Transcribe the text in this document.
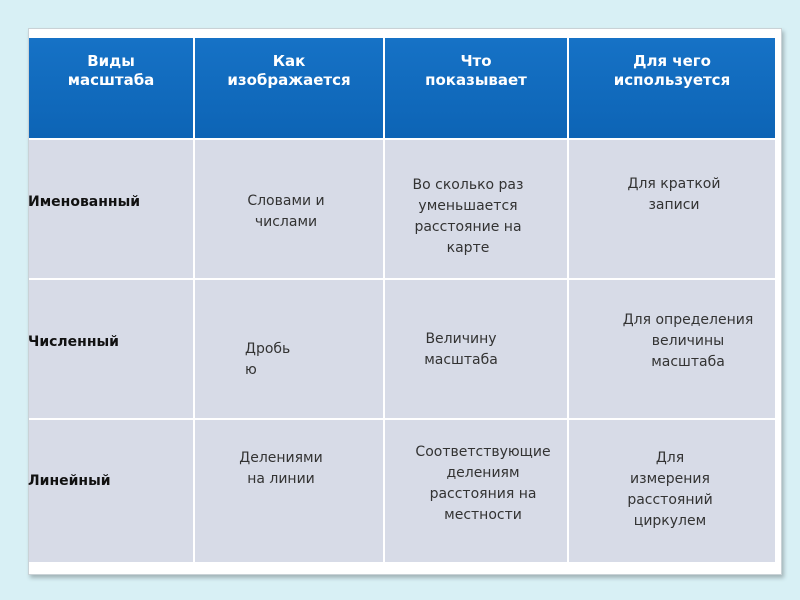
Виды
масштаба
Как
изображается
Что
показывает
Для чего
используется
Именованный	Словами и
числами
Во сколько раз
уменьшается
расстояние на
карте
Для краткой
записи
Численный	Дробь
ю
Величину
масштаба
Для определения
величины
масштаба
Линейный
Делениями
на линии
Соответствующие
делениям
расстояния на
местности
Для
измерения
расстояний
циркулем
